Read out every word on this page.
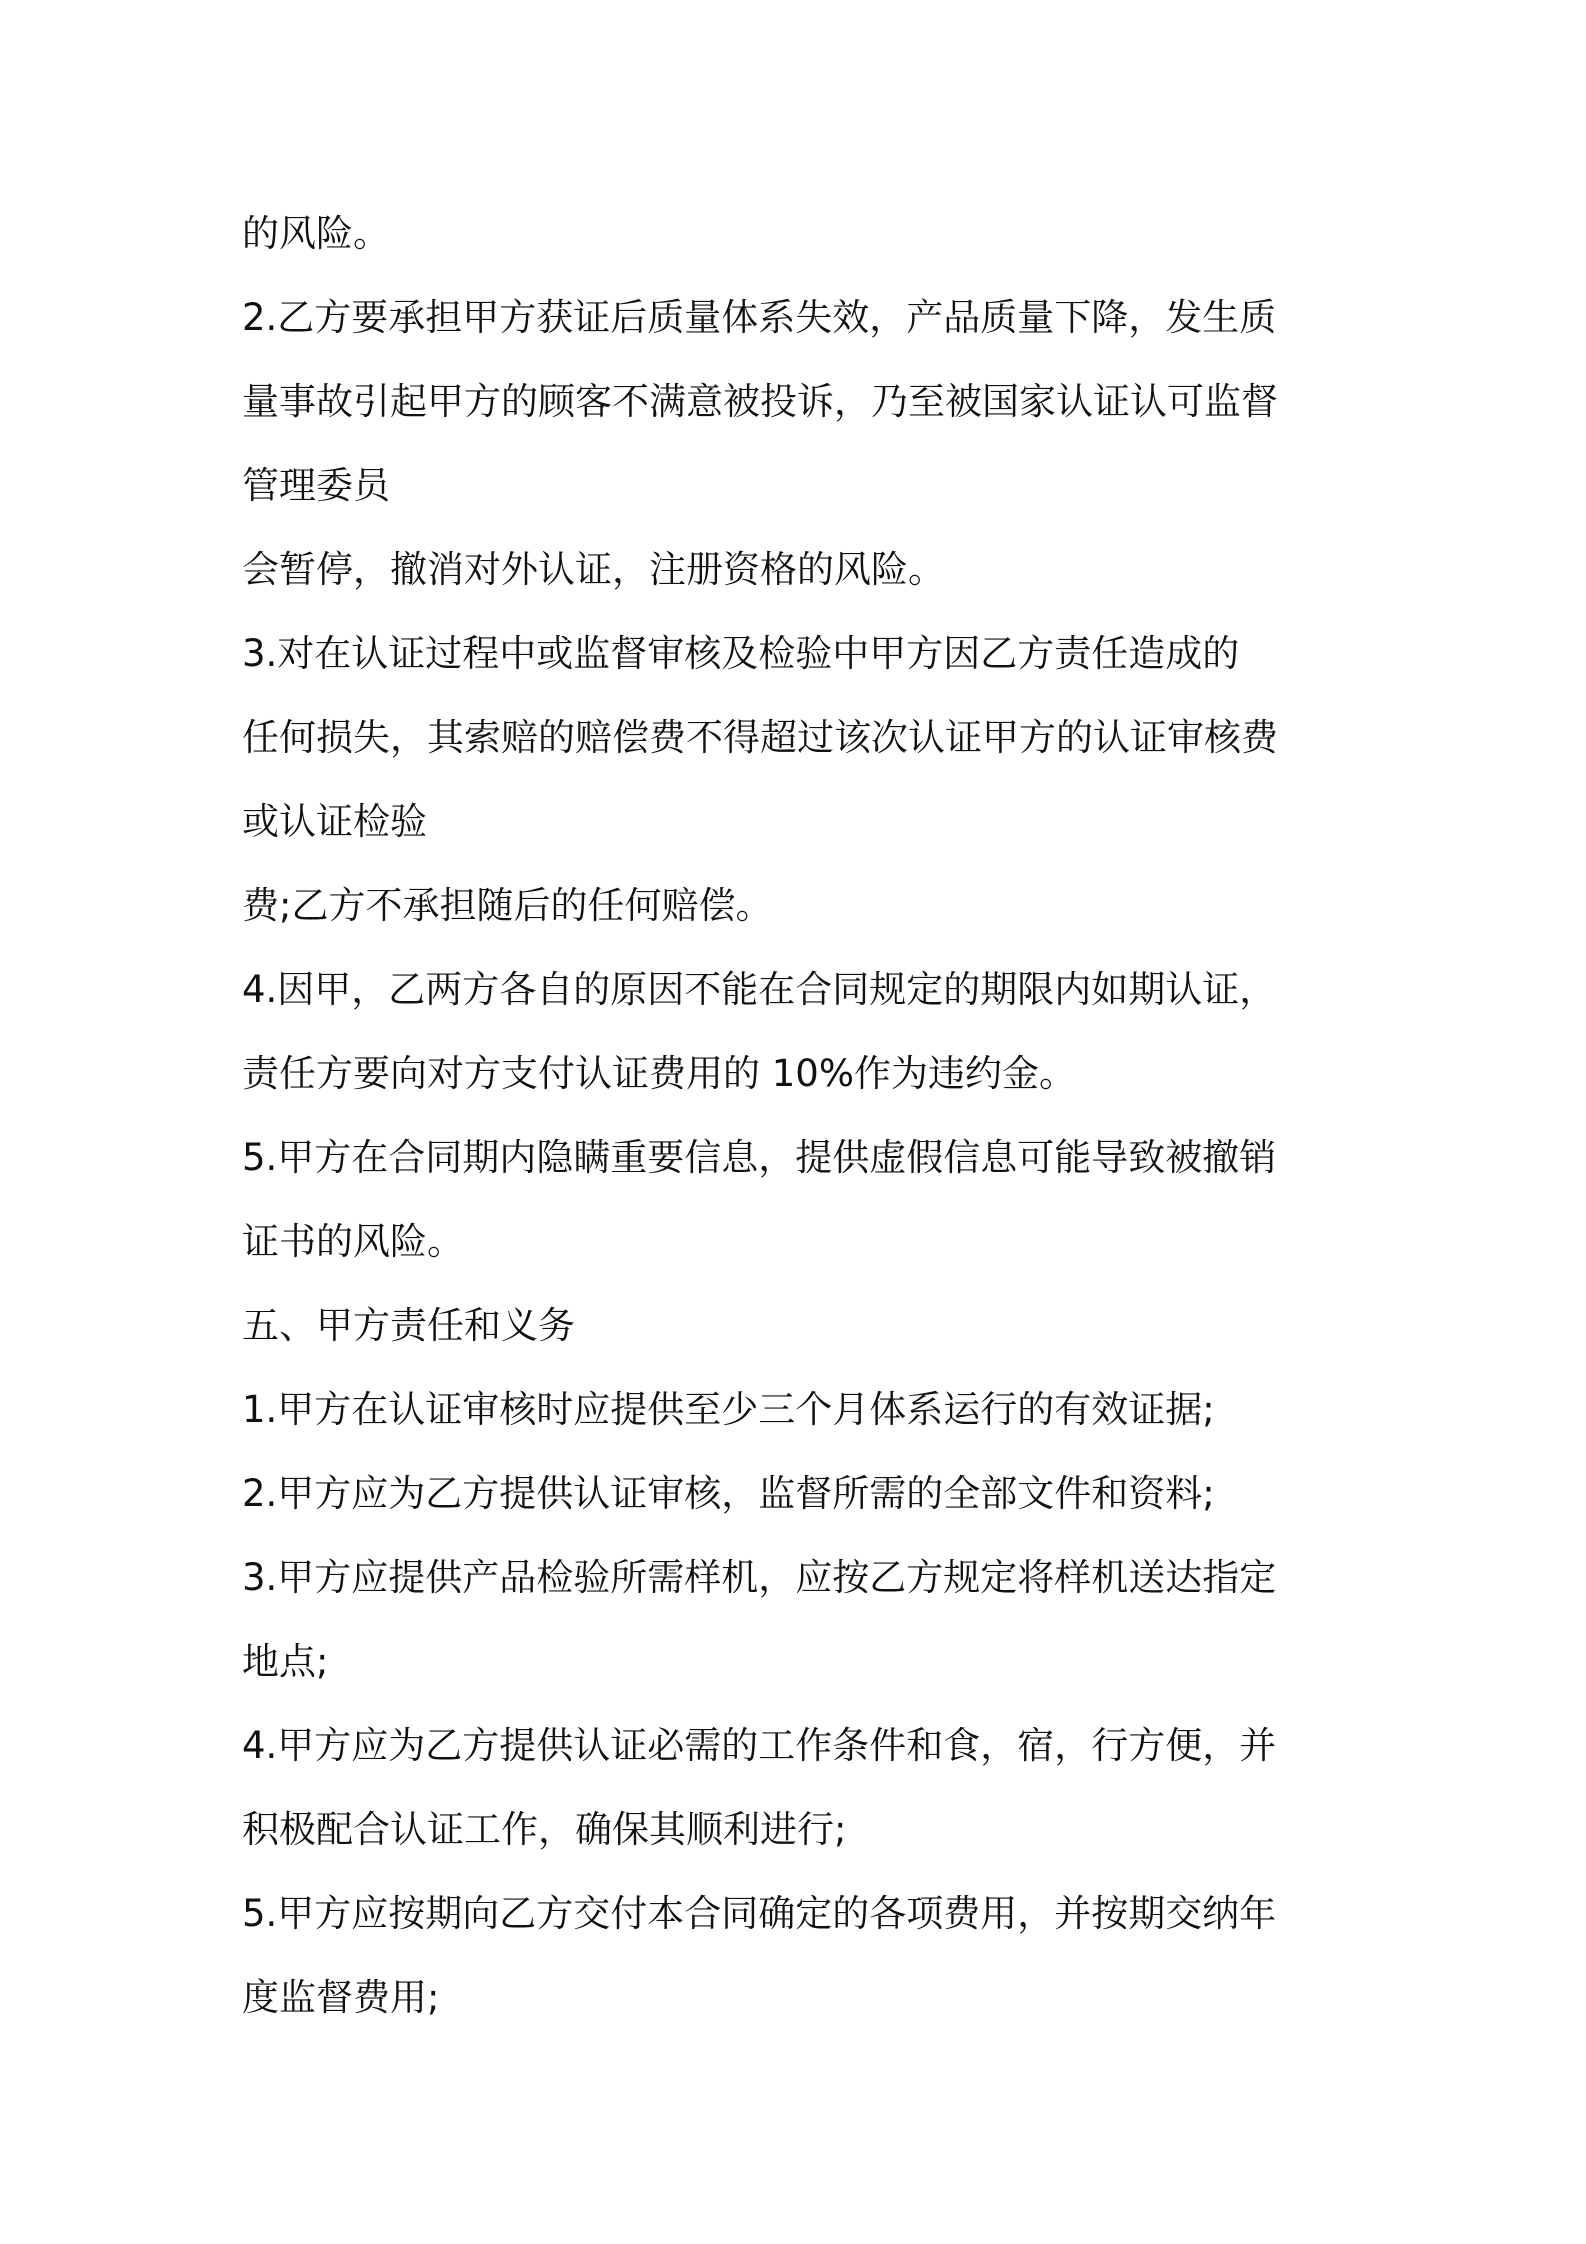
的风险。
2.乙方要承担甲方获证后质量体系失效，产品质量下降，发生质
量事故引起甲方的顾客不满意被投诉，乃至被国家认证认可监督
管理委员
会暂停，撤消对外认证，注册资格的风险。
3.对在认证过程中或监督审核及检验中甲方因乙方责任造成的
任何损失，其索赔的赔偿费不得超过该次认证甲方的认证审核费
或认证检验
费;乙方不承担随后的任何赔偿。
4.因甲，乙两方各自的原因不能在合同规定的期限内如期认证，
责任方要向对方支付认证费用的 10%作为违约金。
5.甲方在合同期内隐瞒重要信息，提供虚假信息可能导致被撤销
证书的风险。
五、甲方责任和义务
1.甲方在认证审核时应提供至少三个月体系运行的有效证据;
2.甲方应为乙方提供认证审核，监督所需的全部文件和资料;
3.甲方应提供产品检验所需样机，应按乙方规定将样机送达指定
地点;
4.甲方应为乙方提供认证必需的工作条件和食，宿，行方便，并
积极配合认证工作，确保其顺利进行;
5.甲方应按期向乙方交付本合同确定的各项费用，并按期交纳年
度监督费用;
